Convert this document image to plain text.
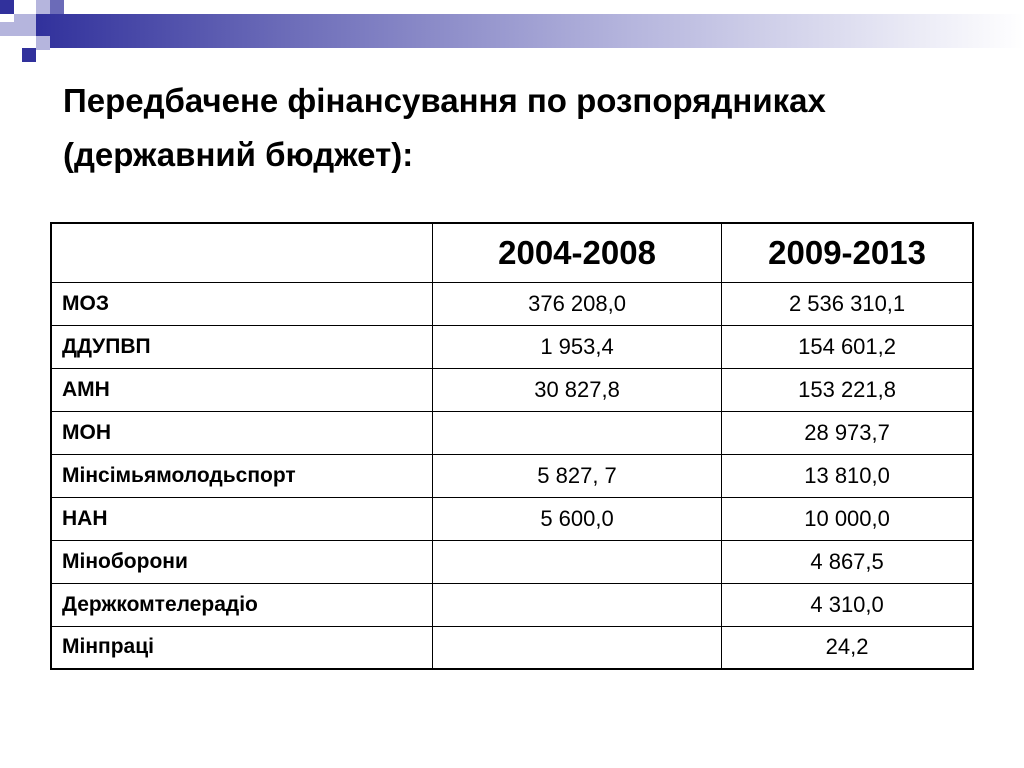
Передбачене фінансування по розпорядниках
(державний бюджет):
	2004-2008	2009-2013
МОЗ	376 208,0	2 536 310,1
ДДУПВП	1 953,4	154 601,2
АМН	30 827,8	153 221,8
МОН		28 973,7
Мінсімьямолодьспорт	5 827, 7	13 810,0
НАН	5 600,0	10 000,0
Міноборони		4 867,5
Держкомтелерадіо		4 310,0
Мінпраці		24,2
